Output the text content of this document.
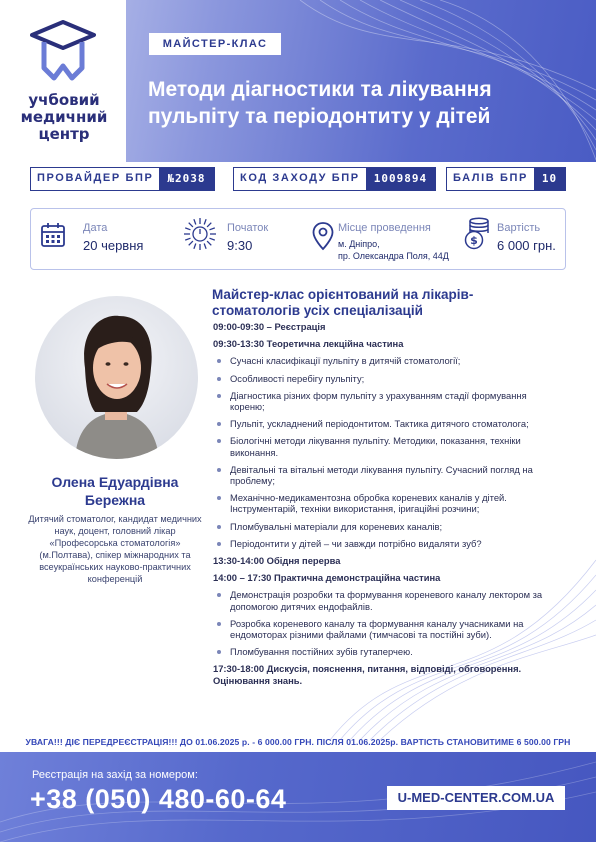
учбовий
медичний
центр
МАЙСТЕР-КЛАС
Методи діагностики та лікування пульпіту та періодонтиту у дітей
ПРОВАЙДЕР БПР	№2038	КОД ЗАХОДУ БПР	1009894	БАЛІВ БПР	10
Дата
20 червня
Початок
9:30
Місце проведення
м. Дніпро,
пр. Олександра Поля, 44Д
$
Вартість
6 000 грн.
Олена Едуардівна
Бережна
Дитячий стоматолог, кандидат медичних наук, доцент, головний лікар «Професорська стоматологія» (м.Полтава), спікер міжнародних та всеукраїнських науково-практичних конференцій
Майстер-клас орієнтований на лікарів-стоматологів усіх спеціалізацій
09:00-09:30 – Реєстрація
09:30-13:30 Теоретична лекційна частина
Сучасні класифікації пульпіту в дитячій стоматології;
Особливості перебігу пульпіту;
Діагностика різних форм пульпіту з урахуванням стадії формування кореню;
Пульпіт, ускладнений періодонтитом. Тактика дитячого стоматолога;
Біологічні методи лікування пульпіту. Методики, показання, техніки виконання.
Девітальні та вітальні методи лікування пульпіту. Сучасний погляд на проблему;
Механічно-медикаментозна обробка кореневих каналів у дітей. Інструментарій, техніки використання, іригаційні розчини;
Пломбувальні матеріали для кореневих каналів;
Періодонтити у дітей – чи завжди потрібно видаляти зуб?
13:30-14:00 Обідня перерва
14:00 – 17:30 Практична демонстраційна частина
Демонстрація розробки та формування кореневого каналу лектором за допомогою дитячих ендофайлів.
Розробка кореневого каналу та формування каналу учасниками на ендомоторах різними файлами (тимчасові та постійні зуби).
Пломбування постійних зубів гутаперчею.
17:30-18:00 Дискусія, пояснення, питання, відповіді, обговорення. Оцінювання знань.
УВАГА!!! ДІЄ ПЕРЕДРЕЄСТРАЦІЯ!!! ДО 01.06.2025 р. - 6 000.00 ГРН. ПІСЛЯ 01.06.2025р. ВАРТІСТЬ СТАНОВИТИМЕ 6 500.00 ГРН
Реєстрація на захід за номером:
+38 (050) 480-60-64	U-MED-CENTER.COM.UA
